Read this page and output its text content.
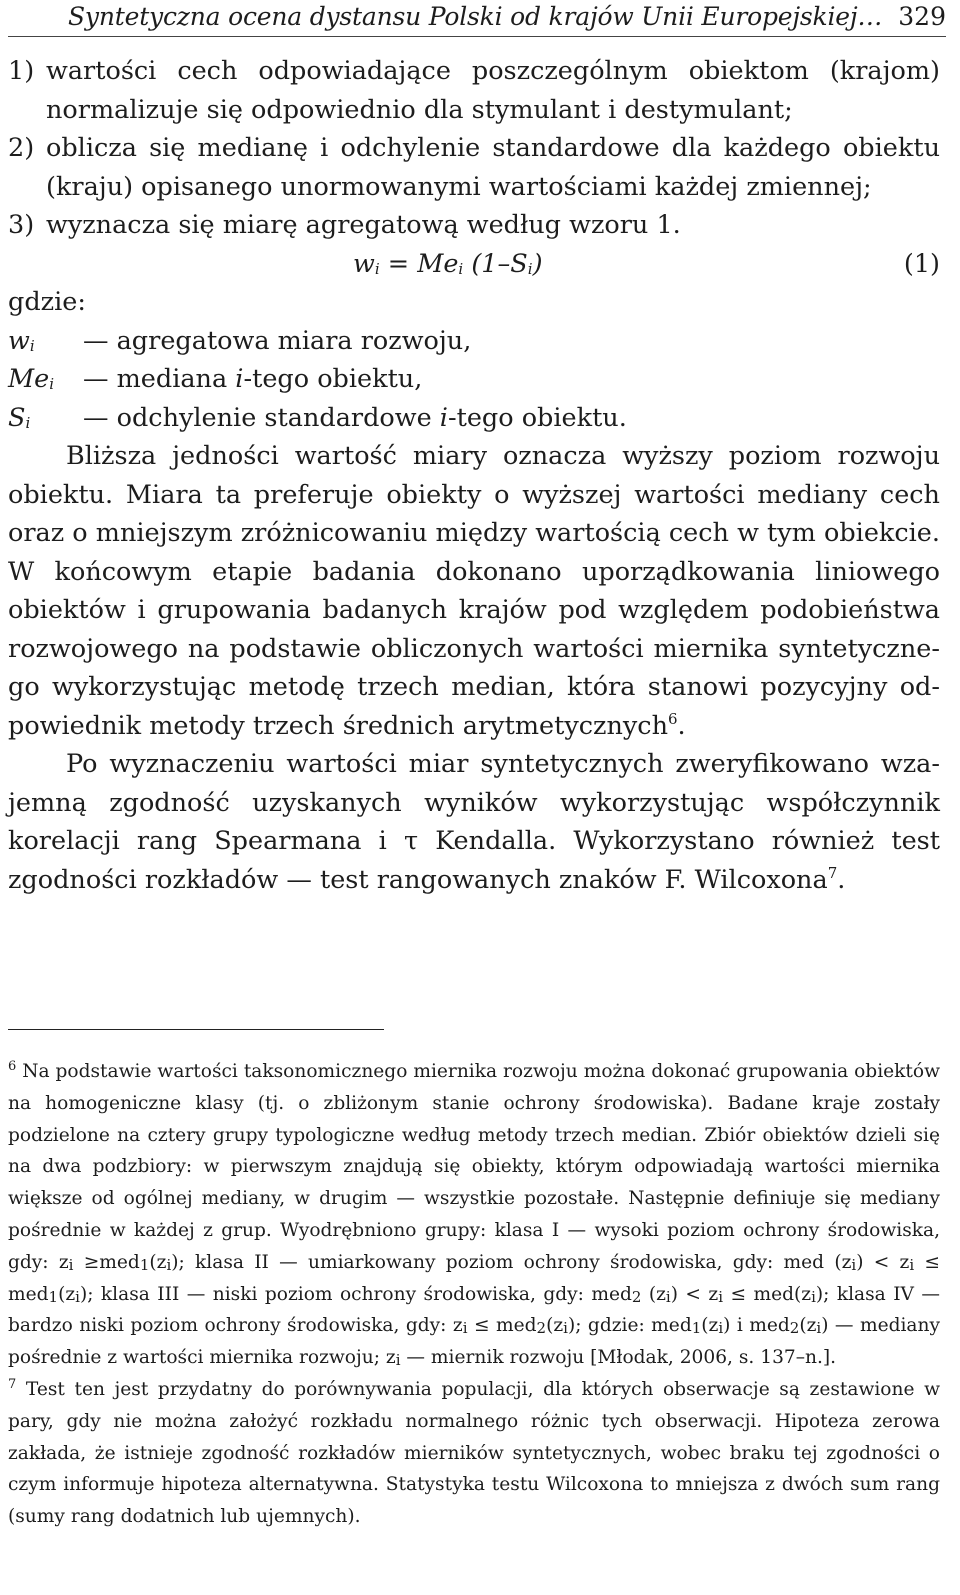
Syntetyczna ocena dystansu Polski od krajów Unii Europejskiej… 329
1) wartości cech odpowiadające poszczególnym obiektom (krajom) normalizuje się odpowiednio dla stymulant i destymulant;
2) oblicza się medianę i odchylenie standardowe dla każdego obiektu (kraju) opisanego unormowanymi wartościami każdej zmiennej;
3) wyznacza się miarę agregatową według wzoru 1.
wi = Mei (1–Si)	(1)
gdzie:
wi — agregatowa miara rozwoju,
Mei — mediana i-tego obiektu,
Si — odchylenie standardowe i-tego obiektu.

Bliższa jedności wartość miary oznacza wyższy poziom rozwoju obiektu. Miara ta preferuje obiekty o wyższej wartości mediany cech oraz o mniejszym zróżnicowaniu między wartością cech w tym obiekcie. W końcowym etapie badania dokonano uporządkowania liniowego obiektów i grupowania badanych krajów pod względem podobieństwa rozwojowego na podstawie obliczonych wartości miernika syntetycznego wykorzystując metodę trzech median, która stanowi pozycyjny odpowiednik metody trzech średnich arytmetycznych$^6$.

Po wyznaczeniu wartości miar syntetycznych zweryfikowano wzajemną zgodność uzyskanych wyników wykorzystując współczynnik korelacji rang Spearmana i τ Kendalla. Wykorzystano również test zgodności rozkładów — test rangowanych znaków F. Wilcoxona$^7$.

$^6$ Na podstawie wartości taksonomicznego miernika rozwoju można dokonać grupowania obiektów na homogeniczne klasy (tj. o zbliżonym stanie ochrony środowiska). Badane kraje zostały podzielone na cztery grupy typologiczne według metody trzech median. Zbiór obiektów dzieli się na dwa podzbiory: w pierwszym znajdują się obiekty, którym odpowiadają wartości miernika większe od ogólnej mediany, w drugim — wszystkie pozostałe. Następnie definiuje się mediany pośrednie w każdej z grup. Wyodrębniono grupy: klasa I — wysoki poziom ochrony środowiska, gdy: zi ≥med1(zi); klasa II — umiarkowany poziom ochrony środowiska, gdy: med (zi) < zi ≤ med1(zi); klasa III — niski poziom ochrony środowiska, gdy: med2 (zi) < zi ≤ med(zi); klasa IV — bardzo niski poziom ochrony środowiska, gdy: zi ≤ med2(zi); gdzie: med1(zi) i med2(zi) — mediany pośrednie z wartości miernika rozwoju; zi — miernik rozwoju [Młodak, 2006, s. 137–n.].

$^7$ Test ten jest przydatny do porównywania populacji, dla których obserwacje są zestawione w pary, gdy nie można założyć rozkładu normalnego różnic tych obserwacji. Hipoteza zerowa zakłada, że istnieje zgodność rozkładów mierników syntetycznych, wobec braku tej zgodności o czym informuje hipoteza alternatywna. Statystyka testu Wilcoxona to mniejsza z dwóch sum rang (sumy rang dodatnich lub ujemnych).
